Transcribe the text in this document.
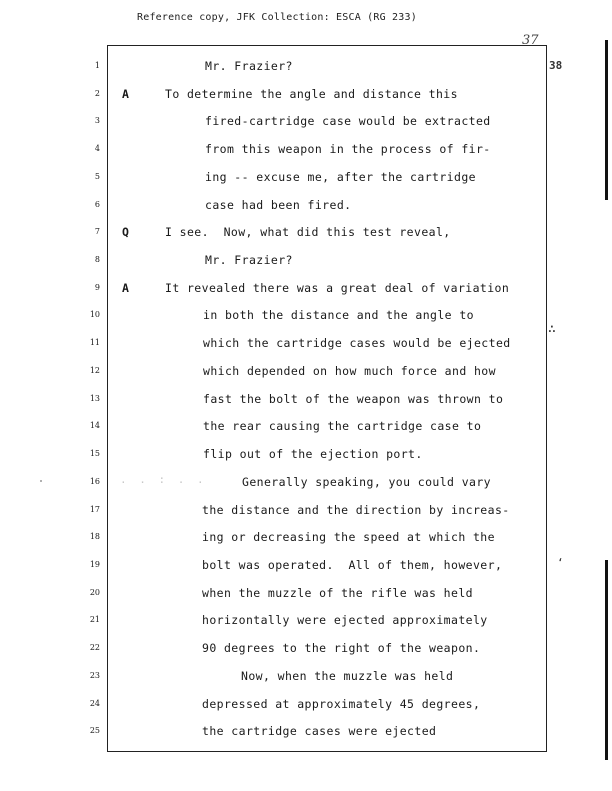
Reference copy, JFK Collection: ESCA (RG 233)
37
38
∴
‘
. . : . .
1	Mr. Frazier?
2 A	To determine the angle and distance this
3	fired-cartridge case would be extracted
4	from this weapon in the process of fir-
5	ing -- excuse me, after the cartridge
6	case had been fired.
7 Q	I see.  Now, what did this test reveal,
8	Mr. Frazier?
9 A	It revealed there was a great deal of variation
10	in both the distance and the angle to
11	which the cartridge cases would be ejected
12	which depended on how much force and how
13	fast the bolt of the weapon was thrown to
14	the rear causing the cartridge case to
15	flip out of the ejection port.
16	Generally speaking, you could vary
17	the distance and the direction by increas-
18	ing or decreasing the speed at which the
19	bolt was operated.  All of them, however,
20	when the muzzle of the rifle was held
21	horizontally were ejected approximately
22	90 degrees to the right of the weapon.
23	Now, when the muzzle was held
24	depressed at approximately 45 degrees,
25	the cartridge cases were ejected
